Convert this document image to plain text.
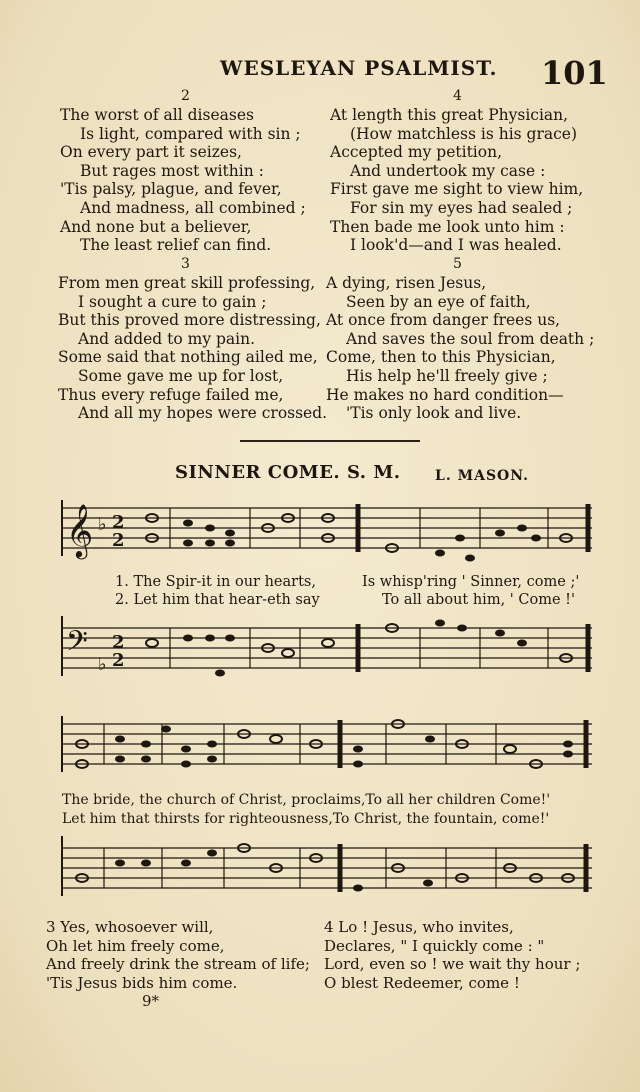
WESLEYAN PSALMIST. 101
2
The worst of all diseases
Is light, compared with sin ;
On every part it seizes,
But rages most within :
'Tis palsy, plague, and fever,
And madness, all combined ;
And none but a believer,
The least relief can find.
4
At length this great Physician,
(How matchless is his grace)
Accepted my petition,
And undertook my case :
First gave me sight to view him,
For sin my eyes had sealed ;
Then bade me look unto him :
I look'd—and I was healed.
3
From men great skill professing,
I sought a cure to gain ;
But this proved more distressing,
And added to my pain.
Some said that nothing ailed me,
Some gave me up for lost,
Thus every refuge failed me,
And all my hopes were crossed.
5
A dying, risen Jesus,
Seen by an eye of faith,
At once from danger frees us,
And saves the soul from death ;
Come, then to this Physician,
His help he'll freely give ;
He makes no hard condition—
'Tis only look and live.
SINNER COME. S. M. L. MASON.
𝄞 ♭ 2
2
1. The Spir-it in our hearts,	Is whisp'ring ' Sinner, come ;'
2. Let him that hear-eth say	To all about him, ' Come !'
𝄢 ♭
2
2
The bride, the church of Christ, proclaims,To all her children Come!'
Let him that thirsts for righteousness,To Christ, the fountain, come!'
3 Yes, whosoever will,
Oh let him freely come,
And freely drink the stream of life;
'Tis Jesus bids him come.
4 Lo ! Jesus, who invites,
Declares, " I quickly come : "
Lord, even so ! we wait thy hour ;
O blest Redeemer, come !
9*
